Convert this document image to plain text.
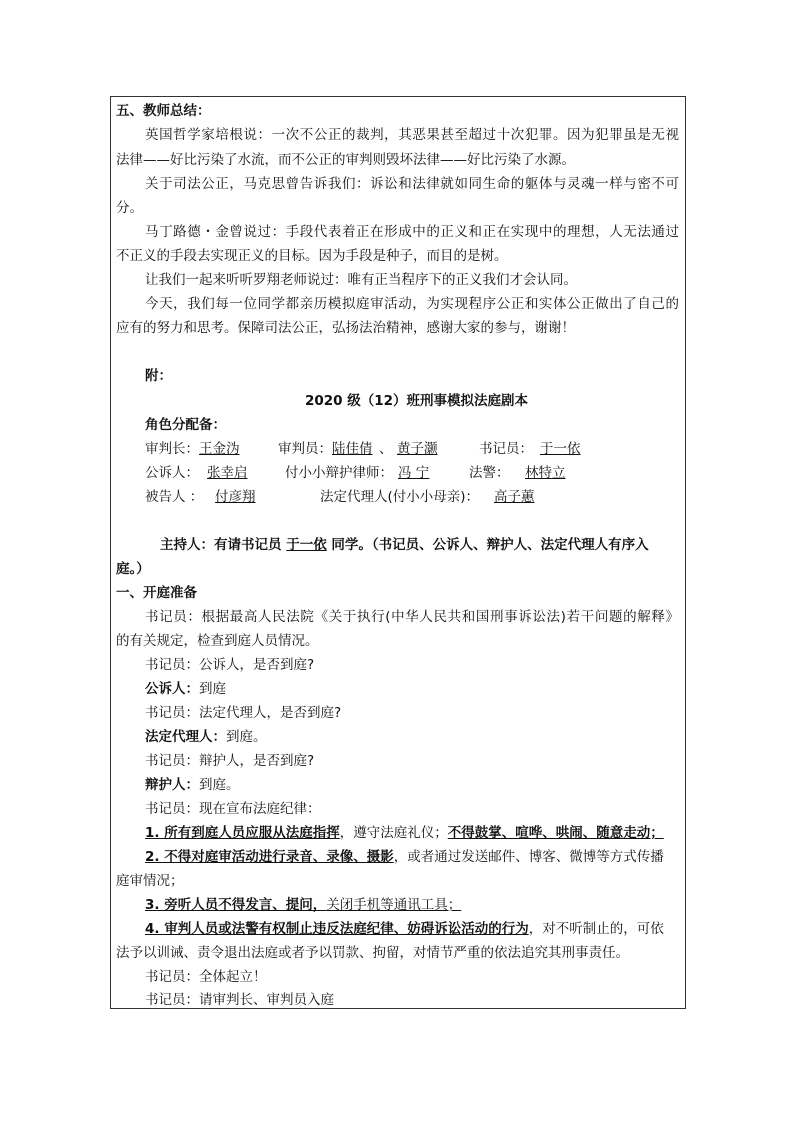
五、教师总结：
英国哲学家培根说：一次不公正的裁判，其恶果甚至超过十次犯罪。因为犯罪虽是无视
法律——好比污染了水流，而不公正的审判则毁坏法律——好比污染了水源。
关于司法公正，马克思曾告诉我们：诉讼和法律就如同生命的躯体与灵魂一样与密不可
分。
马丁路德・金曾说过：手段代表着正在形成中的正义和正在实现中的理想，人无法通过
不正义的手段去实现正义的目标。因为手段是种子，而目的是树。
让我们一起来听听罗翔老师说过：唯有正当程序下的正义我们才会认同。
今天，我们每一位同学都亲历模拟庭审活动，为实现程序公正和实体公正做出了自己的
应有的努力和思考。保障司法公正，弘扬法治精神，感谢大家的参与，谢谢！
附：
2020 级（12）班刑事模拟法庭剧本
角色分配备：
审判长： 王金沩	审判员： 陆佳倩 、 黄子灏	书记员： 于一依
公诉人： 张幸启	付小小辩护律师： 冯 宁	法警： 林特立
被告人 ： 付彦翔	法定代理人(付小小母亲)： 高子蕙
主持人：有请书记员 于一依 同学。（书记员、公诉人、辩护人、法定代理人有序入
庭。）
一、开庭准备
书记员：根据最高人民法院《关于执行(中华人民共和国刑事诉讼法)若干问题的解释》
的有关规定，检查到庭人员情况。
书记员：公诉人，是否到庭?
公诉人：到庭
书记员：法定代理人，是否到庭?
法定代理人：到庭。
书记员：辩护人，是否到庭?
辩护人：到庭。
书记员：现在宣布法庭纪律：
1. 所有到庭人员应服从法庭指挥，遵守法庭礼仪；不得鼓掌、喧哗、哄闹、随意走动；
2. 不得对庭审活动进行录音、录像、摄影，或者通过发送邮件、博客、微博等方式传播
庭审情况；
3. 旁听人员不得发言、提问，关闭手机等通讯工具；
4. 审判人员或法警有权制止违反法庭纪律、妨碍诉讼活动的行为，对不听制止的，可依
法予以训诫、责令退出法庭或者予以罚款、拘留，对情节严重的依法追究其刑事责任。
书记员：全体起立！
书记员：请审判长、审判员入庭
